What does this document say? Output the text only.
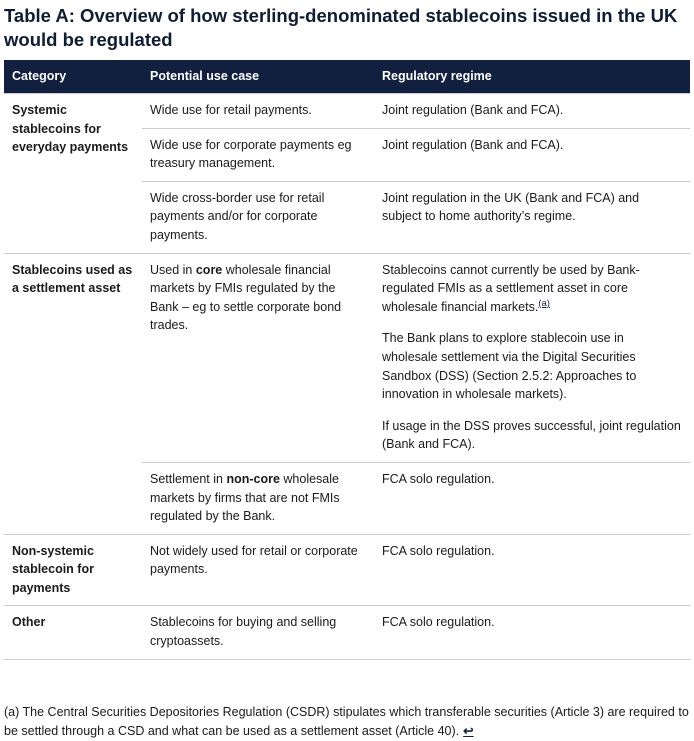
Table A: Overview of how sterling-denominated stablecoins issued in the UK would be regulated
Category	Potential use case	Regulatory regime
Systemic stablecoins for everyday payments	Wide use for retail payments.	Joint regulation (Bank and FCA).
	Wide use for corporate payments eg treasury management.	Joint regulation (Bank and FCA).
	Wide cross-border use for retail payments and/or for corporate payments.	Joint regulation in the UK (Bank and FCA) and subject to home authority’s regime.
Stablecoins used as a settlement asset	Used in core wholesale financial markets by FMIs regulated by the Bank – eg to settle corporate bond trades.	Stablecoins cannot currently be used by Bank-regulated FMIs as a settlement asset in core wholesale financial markets.$^{(a)}$

The Bank plans to explore stablecoin use in wholesale settlement via the Digital Securities Sandbox (DSS) (Section 2.5.2: Approaches to innovation in wholesale markets).

If usage in the DSS proves successful, joint regulation (Bank and FCA).

	Settlement in non-core wholesale markets by firms that are not FMIs regulated by the Bank.	FCA solo regulation.
Non-systemic stablecoin for payments	Not widely used for retail or corporate payments.	FCA solo regulation.
Other	Stablecoins for buying and selling cryptoassets.	FCA solo regulation.

(a) The Central Securities Depositories Regulation (CSDR) stipulates which transferable securities (Article 3) are required to be settled through a CSD and what can be used as a settlement asset (Article 40). ↩
